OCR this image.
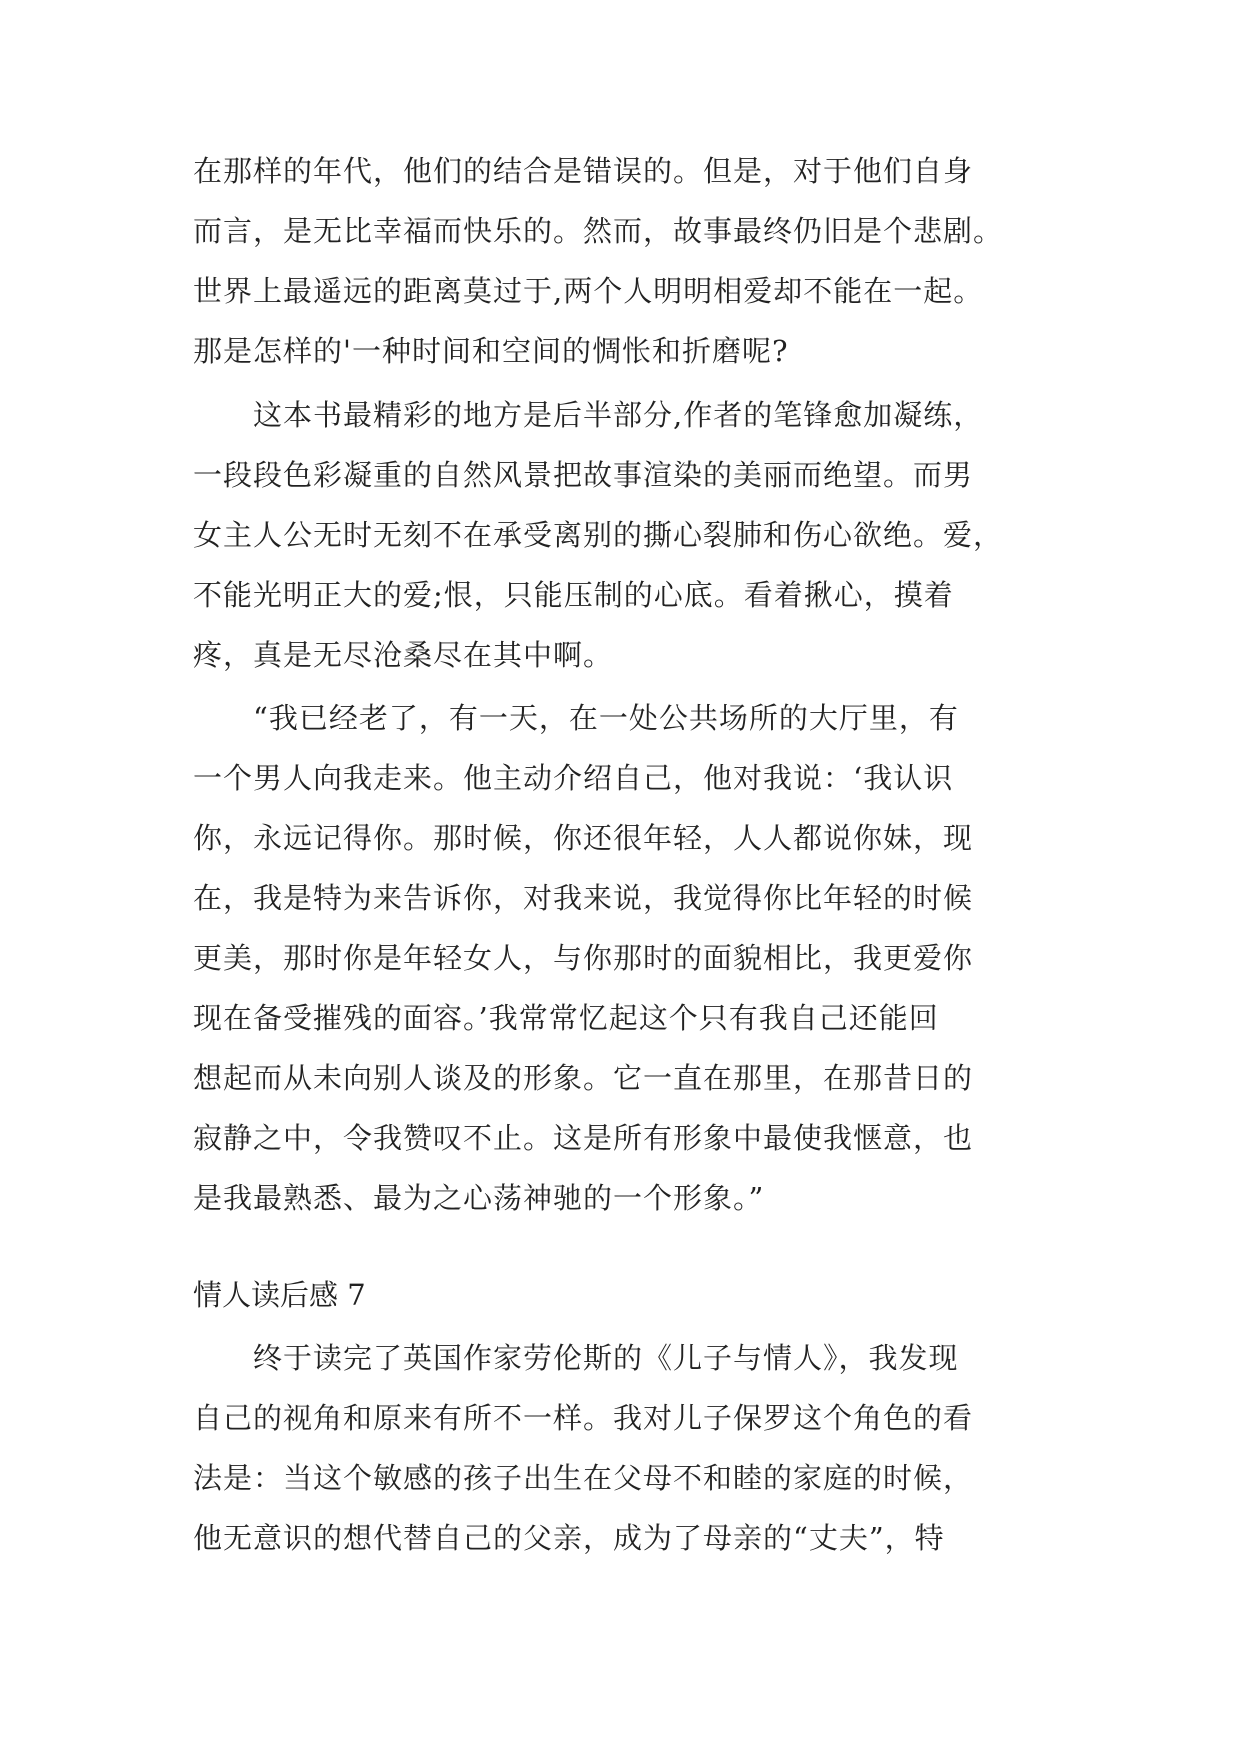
在那样的年代，他们的结合是错误的。但是，对于他们自身
而言，是无比幸福而快乐的。然而，故事最终仍旧是个悲剧。
世界上最遥远的距离莫过于,两个人明明相爱却不能在一起。
那是怎样的'一种时间和空间的惆怅和折磨呢?
这本书最精彩的地方是后半部分,作者的笔锋愈加凝练，
一段段色彩凝重的自然风景把故事渲染的美丽而绝望。而男
女主人公无时无刻不在承受离别的撕心裂肺和伤心欲绝。爱，
不能光明正大的爱;恨，只能压制的心底。看着揪心，摸着
疼，真是无尽沧桑尽在其中啊。
“我已经老了，有一天，在一处公共场所的大厅里，有
一个男人向我走来。他主动介绍自己，他对我说：‘我认识
你，永远记得你。那时候，你还很年轻，人人都说你妹，现
在，我是特为来告诉你，对我来说，我觉得你比年轻的时候
更美，那时你是年轻女人，与你那时的面貌相比，我更爱你
现在备受摧残的面容。’我常常忆起这个只有我自己还能回
想起而从未向别人谈及的形象。它一直在那里，在那昔日的
寂静之中，令我赞叹不止。这是所有形象中最使我惬意，也
是我最熟悉、最为之心荡神驰的一个形象。”
情人读后感 7
终于读完了英国作家劳伦斯的《儿子与情人》，我发现
自己的视角和原来有所不一样。我对儿子保罗这个角色的看
法是：当这个敏感的孩子出生在父母不和睦的家庭的时候，
他无意识的想代替自己的父亲，成为了母亲的“丈夫”，特
